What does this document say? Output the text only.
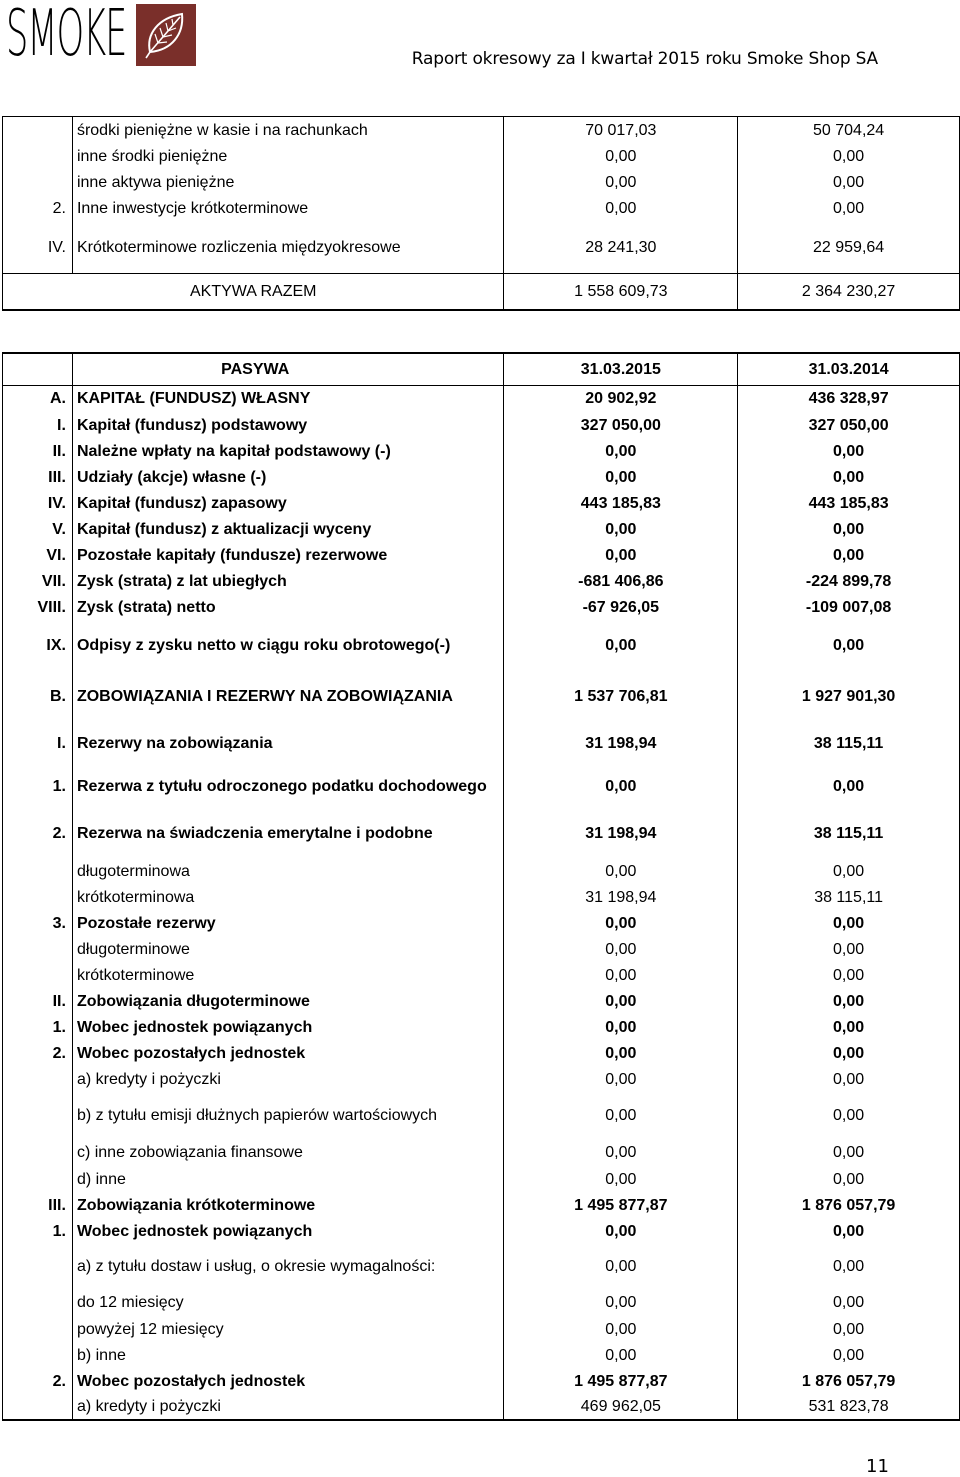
SMOKE	Raport okresowy za I kwartał 2015 roku Smoke Shop SA
	środki pieniężne w kasie i na rachunkach	70 017,03	50 704,24
	inne środki pieniężne	0,00	0,00
	inne aktywa pieniężne	0,00	0,00
2.	Inne inwestycje krótkoterminowe	0,00	0,00
IV.	Krótkoterminowe rozliczenia międzyokresowe	28 241,30	22 959,64
AKTYWA RAZEM		1 558 609,73	2 364 230,27
	PASYWA	31.03.2015	31.03.2014
A.	KAPITAŁ (FUNDUSZ) WŁASNY	20 902,92	436 328,97
I.	Kapitał (fundusz) podstawowy	327 050,00	327 050,00
II.	Należne wpłaty na kapitał podstawowy (-)	0,00	0,00
III.	Udziały (akcje) własne (-)	0,00	0,00
IV.	Kapitał (fundusz) zapasowy	443 185,83	443 185,83
V.	Kapitał (fundusz) z aktualizacji wyceny	0,00	0,00
VI.	Pozostałe kapitały (fundusze) rezerwowe	0,00	0,00
VII.	Zysk (strata) z lat ubiegłych	-681 406,86	-224 899,78
VIII.	Zysk (strata) netto	-67 926,05	-109 007,08
IX.	Odpisy z zysku netto w ciągu roku obrotowego(-)	0,00	0,00
B.	ZOBOWIĄZANIA I REZERWY NA ZOBOWIĄZANIA	1 537 706,81	1 927 901,30
I.	Rezerwy na zobowiązania	31 198,94	38 115,11
1.	Rezerwa z tytułu odroczonego podatku dochodowego	0,00	0,00
2.	Rezerwa na świadczenia emerytalne i podobne	31 198,94	38 115,11
	długoterminowa	0,00	0,00
	krótkoterminowa	31 198,94	38 115,11
3.	Pozostałe rezerwy	0,00	0,00
	długoterminowe	0,00	0,00
	krótkoterminowe	0,00	0,00
II.	Zobowiązania długoterminowe	0,00	0,00
1.	Wobec jednostek powiązanych	0,00	0,00
2.	Wobec pozostałych jednostek	0,00	0,00
	a) kredyty i pożyczki	0,00	0,00
	b) z tytułu emisji dłużnych papierów wartościowych	0,00	0,00
	c) inne zobowiązania finansowe	0,00	0,00
	d) inne	0,00	0,00
III.	Zobowiązania krótkoterminowe	1 495 877,87	1 876 057,79
1.	Wobec jednostek powiązanych	0,00	0,00
	a) z tytułu dostaw i usług, o okresie wymagalności:	0,00	0,00
	do 12 miesięcy	0,00	0,00
	powyżej 12 miesięcy	0,00	0,00
	b) inne	0,00	0,00
2.	Wobec pozostałych jednostek	1 495 877,87	1 876 057,79
	a) kredyty i pożyczki	469 962,05	531 823,78
11
